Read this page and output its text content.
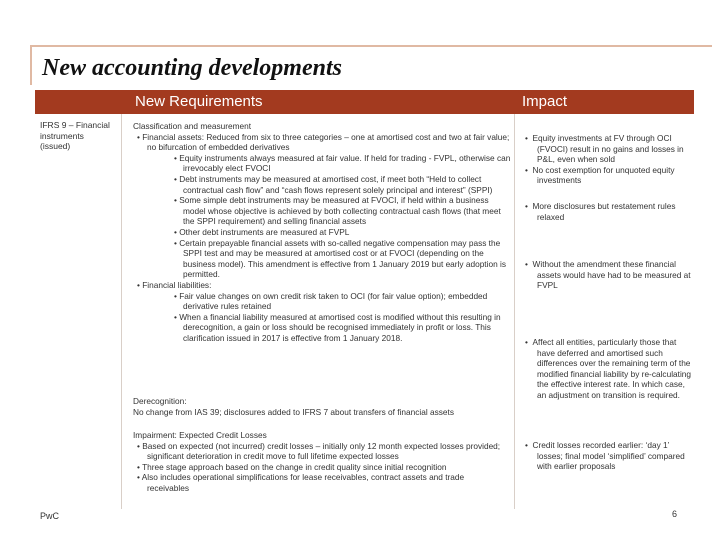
New accounting developments
New Requirements	Impact
IFRS 9 – Financial instruments (issued)
Classification and measurement
• Financial assets: Reduced from six to three categories – one at amortised cost and two at fair value; no bifurcation of embedded derivatives
• Equity instruments always measured at fair value. If held for trading - FVPL, otherwise can irrevocably elect FVOCI
• Debt instruments may be measured at amortised cost, if meet both “Held to collect contractual cash flow” and “cash flows represent solely principal and interest” (SPPI)
• Some simple debt instruments may be measured at FVOCI, if held within a business model whose objective is achieved by both collecting contractual cash flows (that meet the SPPI requirement) and selling financial assets
• Other debt instruments are measured at FVPL
• Certain prepayable financial assets with so-called negative compensation may pass the SPPI test and may be measured at amortised cost or at FVOCI (depending on the business model). This amendment is effective from 1 January 2019 but early adoption is permitted.
• Financial liabilities:
• Fair value changes on own credit risk taken to OCI (for fair value option); embedded derivative rules retained
• When a financial liability measured at amortised cost is modified without this resulting in derecognition, a gain or loss should be recognised immediately in profit or loss. This clarification issued in 2017 is effective from 1 January 2018.
Derecognition:
No change from IAS 39; disclosures added to IFRS 7 about transfers of financial assets
Impairment: Expected Credit Losses
• Based on expected (not incurred) credit losses – initially only 12 month expected losses provided; significant deterioration in credit move to full lifetime expected losses
• Three stage approach based on the change in credit quality since initial recognition
• Also includes operational simplifications for lease receivables, contract assets and trade receivables
•  Equity investments at FV through OCI (FVOCI) result in no gains and losses in P&L, even when sold
•  No cost exemption for unquoted equity investments
•  More disclosures but restatement rules relaxed
•  Without the amendment these financial assets would have had to be measured at FVPL
•  Affect all entities, particularly those that have deferred and amortised such differences over the remaining term of the modified financial liability by re-calculating the effective interest rate. In which case, an adjustment on transition is required.
•  Credit losses recorded earlier: ‘day 1’ losses; final model ‘simplified’ compared with earlier proposals
PwC	6
